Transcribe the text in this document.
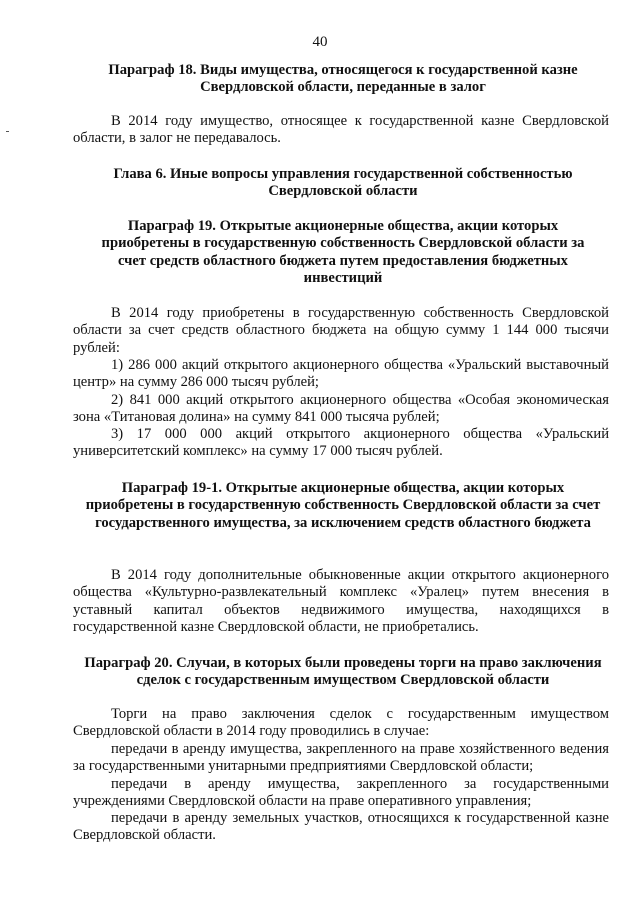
40
Параграф 18. Виды имущества, относящегося к государственной казне Свердловской области, переданные в залог
В 2014 году имущество, относящее к государственной казне Свердловской области, в залог не передавалось.
Глава 6. Иные вопросы управления государственной собственностью Свердловской области
Параграф 19. Открытые акционерные общества, акции которых приобретены в государственную собственность Свердловской области за счет средств областного бюджета путем предоставления бюджетных инвестиций
В 2014 году приобретены в государственную собственность Свердловской области за счет средств областного бюджета на общую сумму 1 144 000 тысячи рублей:

1) 286 000 акций открытого акционерного общества «Уральский выставочный центр» на сумму 286 000 тысяч рублей;

2) 841 000 акций открытого акционерного общества «Особая экономическая зона «Титановая долина» на сумму 841 000 тысяча рублей;

3) 17 000 000 акций открытого акционерного общества «Уральский университетский комплекс» на сумму 17 000 тысяч рублей.

Параграф 19-1. Открытые акционерные общества, акции которых приобретены в государственную собственность Свердловской области за счет государственного имущества, за исключением средств областного бюджета
В 2014 году дополнительные обыкновенные акции открытого акционерного общества «Культурно-развлекательный комплекс «Уралец» путем внесения в уставный капитал объектов недвижимого имущества, находящихся в государственной казне Свердловской области, не приобретались.
Параграф 20. Случаи, в которых были проведены торги на право заключения сделок с государственным имуществом Свердловской области
Торги на право заключения сделок с государственным имуществом Свердловской области в 2014 году проводились в случае:

передачи в аренду имущества, закрепленного на праве хозяйственного ведения за государственными унитарными предприятиями Свердловской области;

передачи в аренду имущества, закрепленного за государственными учреждениями Свердловской области на праве оперативного управления;

передачи в аренду земельных участков, относящихся к государственной казне Свердловской области.
